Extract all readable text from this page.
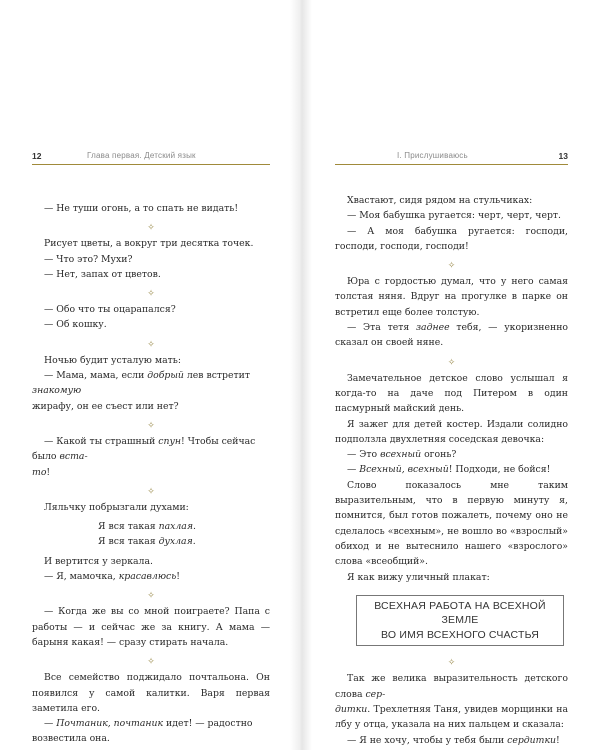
12	Глава первая. Детский язык

— Не туши огонь, а то спать не видать!

✧

Рисует цветы, а вокруг три десятка точек.

— Что это? Мухи?

— Нет, запах от цветов.

✧

— Обо что ты оцарапался?

— Об кошку.

✧

Ночью будит усталую мать:

— Мама, мама, если добрый лев встретит знакомую
жирафу, он ее съест или нет?

✧

— Какой ты страшный спун! Чтобы сейчас было вста-
то!

✧

Ляльчку побрызгали духами:

Я вся такая пахлая.
Я вся такая духлая.

И вертится у зеркала.

— Я, мамочка, красавлюсь!

✧

— Когда же вы со мной поиграете? Папа с работы — и сейчас же за книгу. А мама — барыня какая! — сразу стирать начала.

✧

Все семейство поджидало почтальона. Он появился у самой калитки. Варя первая заметила его.

— Почтаник, почтаник идет! — радостно возвестила она.

I. Прислушиваюсь	13

Хвастают, сидя рядом на стульчиках:

— Моя бабушка ругается: черт, черт, черт.

— А моя бабушка ругается: господи, господи, господи, господи!

✧

Юра с гордостью думал, что у него самая толстая няня. Вдруг на прогулке в парке он встретил еще более толстую.

— Эта тетя заднее тебя, — укоризненно сказал он своей няне.

✧

Замечательное детское слово услышал я когда-то на даче под Питером в один пасмурный майский день.

Я зажег для детей костер. Издали солидно подползла двухлетняя соседская девочка:

— Это всехный огонь?

— Всехный, всехный! Подходи, не бойся!

Слово показалось мне таким выразительным, что в первую минуту я, помнится, был готов пожалеть, почему оно не сделалось «всехным», не вошло во «взрослый» обиход и не вытеснило нашего «взрослого» слова «всеобщий».

Я как вижу уличный плакат:

ВСЕХНАЯ РАБОТА НА ВСЕХНОЙ ЗЕМЛЕ
ВО ИМЯ ВСЕХНОГО СЧАСТЬЯ
✧

Так же велика выразительность детского слова сер-
дитки. Трехлетняя Таня, увидев морщинки на лбу у отца, указала на них пальцем и сказала:

— Я не хочу, чтобы у тебя были сердитки!
